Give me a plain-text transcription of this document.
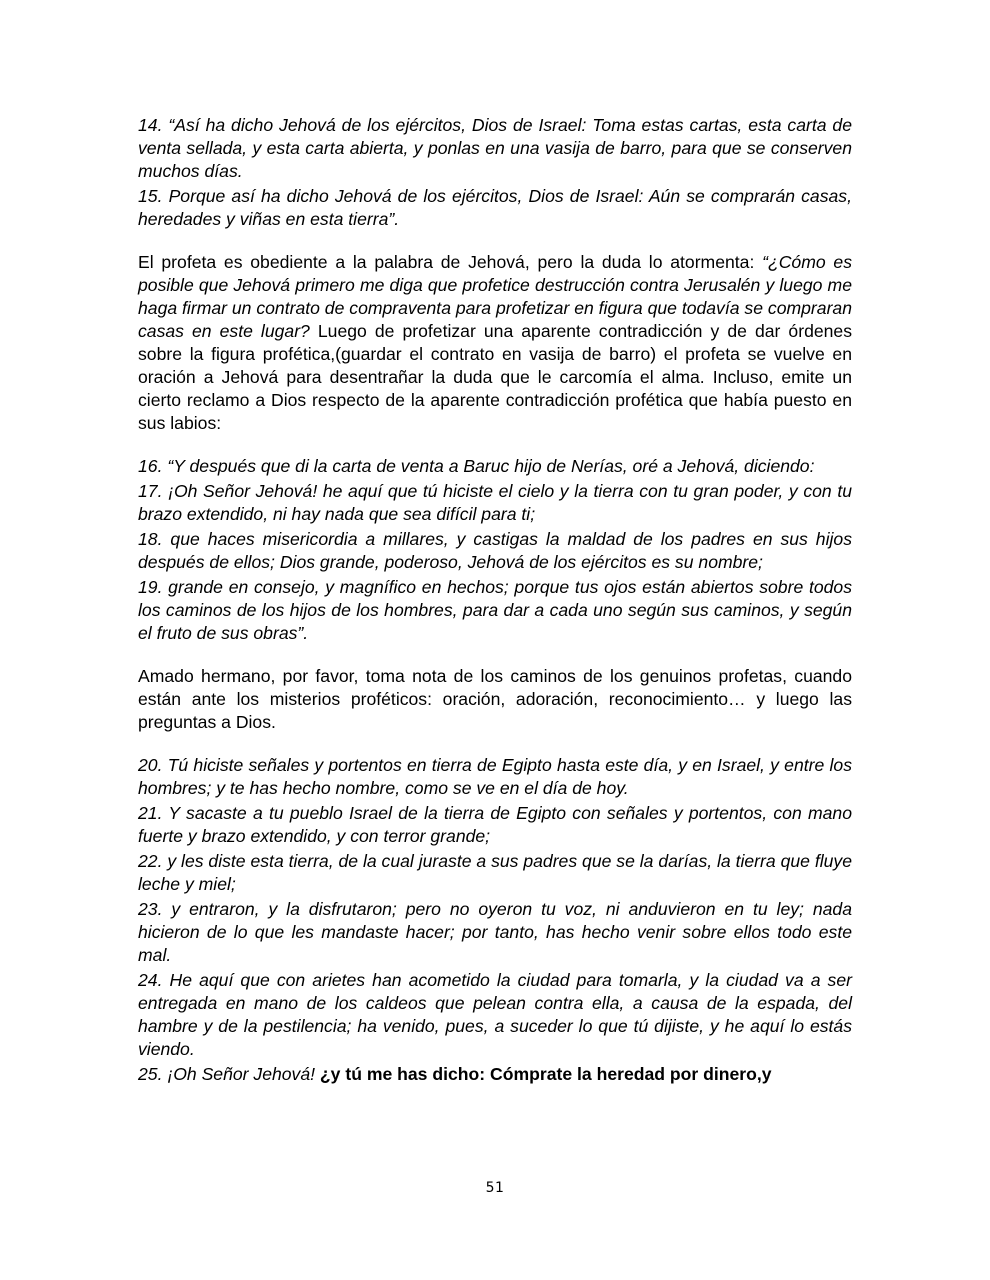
14. “Así ha dicho Jehová de los ejércitos, Dios de Israel: Toma estas cartas, esta carta de venta sellada, y esta carta abierta, y ponlas en una vasija de barro, para que se conserven muchos días.

15. Porque así ha dicho Jehová de los ejércitos, Dios de Israel: Aún se comprarán casas, heredades y viñas en esta tierra”.

El profeta es obediente a la palabra de Jehová, pero la duda lo atormenta: “¿Cómo es posible que Jehová primero me diga que profetice destrucción contra Jerusalén y luego me haga firmar un contrato de compraventa para profetizar en figura que todavía se compraran casas en este lugar? Luego de profetizar una aparente contradicción y de dar órdenes sobre la figura profética,(guardar el contrato en vasija de barro) el profeta se vuelve en oración a Jehová para desentrañar la duda que le carcomía el alma. Incluso, emite un cierto reclamo a Dios respecto de la aparente contradicción profética que había puesto en sus labios:

16. “Y después que di la carta de venta a Baruc hijo de Nerías, oré a Jehová, diciendo:

17. ¡Oh Señor Jehová! he aquí que tú hiciste el cielo y la tierra con tu gran poder, y con tu brazo extendido, ni hay nada que sea difícil para ti;

18. que haces misericordia a millares, y castigas la maldad de los padres en sus hijos después de ellos; Dios grande, poderoso, Jehová de los ejércitos es su nombre;

19. grande en consejo, y magnífico en hechos; porque tus ojos están abiertos sobre todos los caminos de los hijos de los hombres, para dar a cada uno según sus caminos, y según el fruto de sus obras”.

Amado hermano, por favor, toma nota de los caminos de los genuinos profetas, cuando están ante los misterios proféticos: oración, adoración, reconocimiento… y luego las preguntas a Dios.

20. Tú hiciste señales y portentos en tierra de Egipto hasta este día, y en Israel, y entre los hombres; y te has hecho nombre, como se ve en el día de hoy.

21. Y sacaste a tu pueblo Israel de la tierra de Egipto con señales y portentos, con mano fuerte y brazo extendido, y con terror grande;

22. y les diste esta tierra, de la cual juraste a sus padres que se la darías, la tierra que fluye leche y miel;

23. y entraron, y la disfrutaron; pero no oyeron tu voz, ni anduvieron en tu ley; nada hicieron de lo que les mandaste hacer; por tanto, has hecho venir sobre ellos todo este mal.

24. He aquí que con arietes han acometido la ciudad para tomarla, y la ciudad va a ser entregada en mano de los caldeos que pelean contra ella, a causa de la espada, del hambre y de la pestilencia; ha venido, pues, a suceder lo que tú dijiste, y he aquí lo estás viendo.

25. ¡Oh Señor Jehová! ¿y tú me has dicho: Cómprate la heredad por dinero,y

51
